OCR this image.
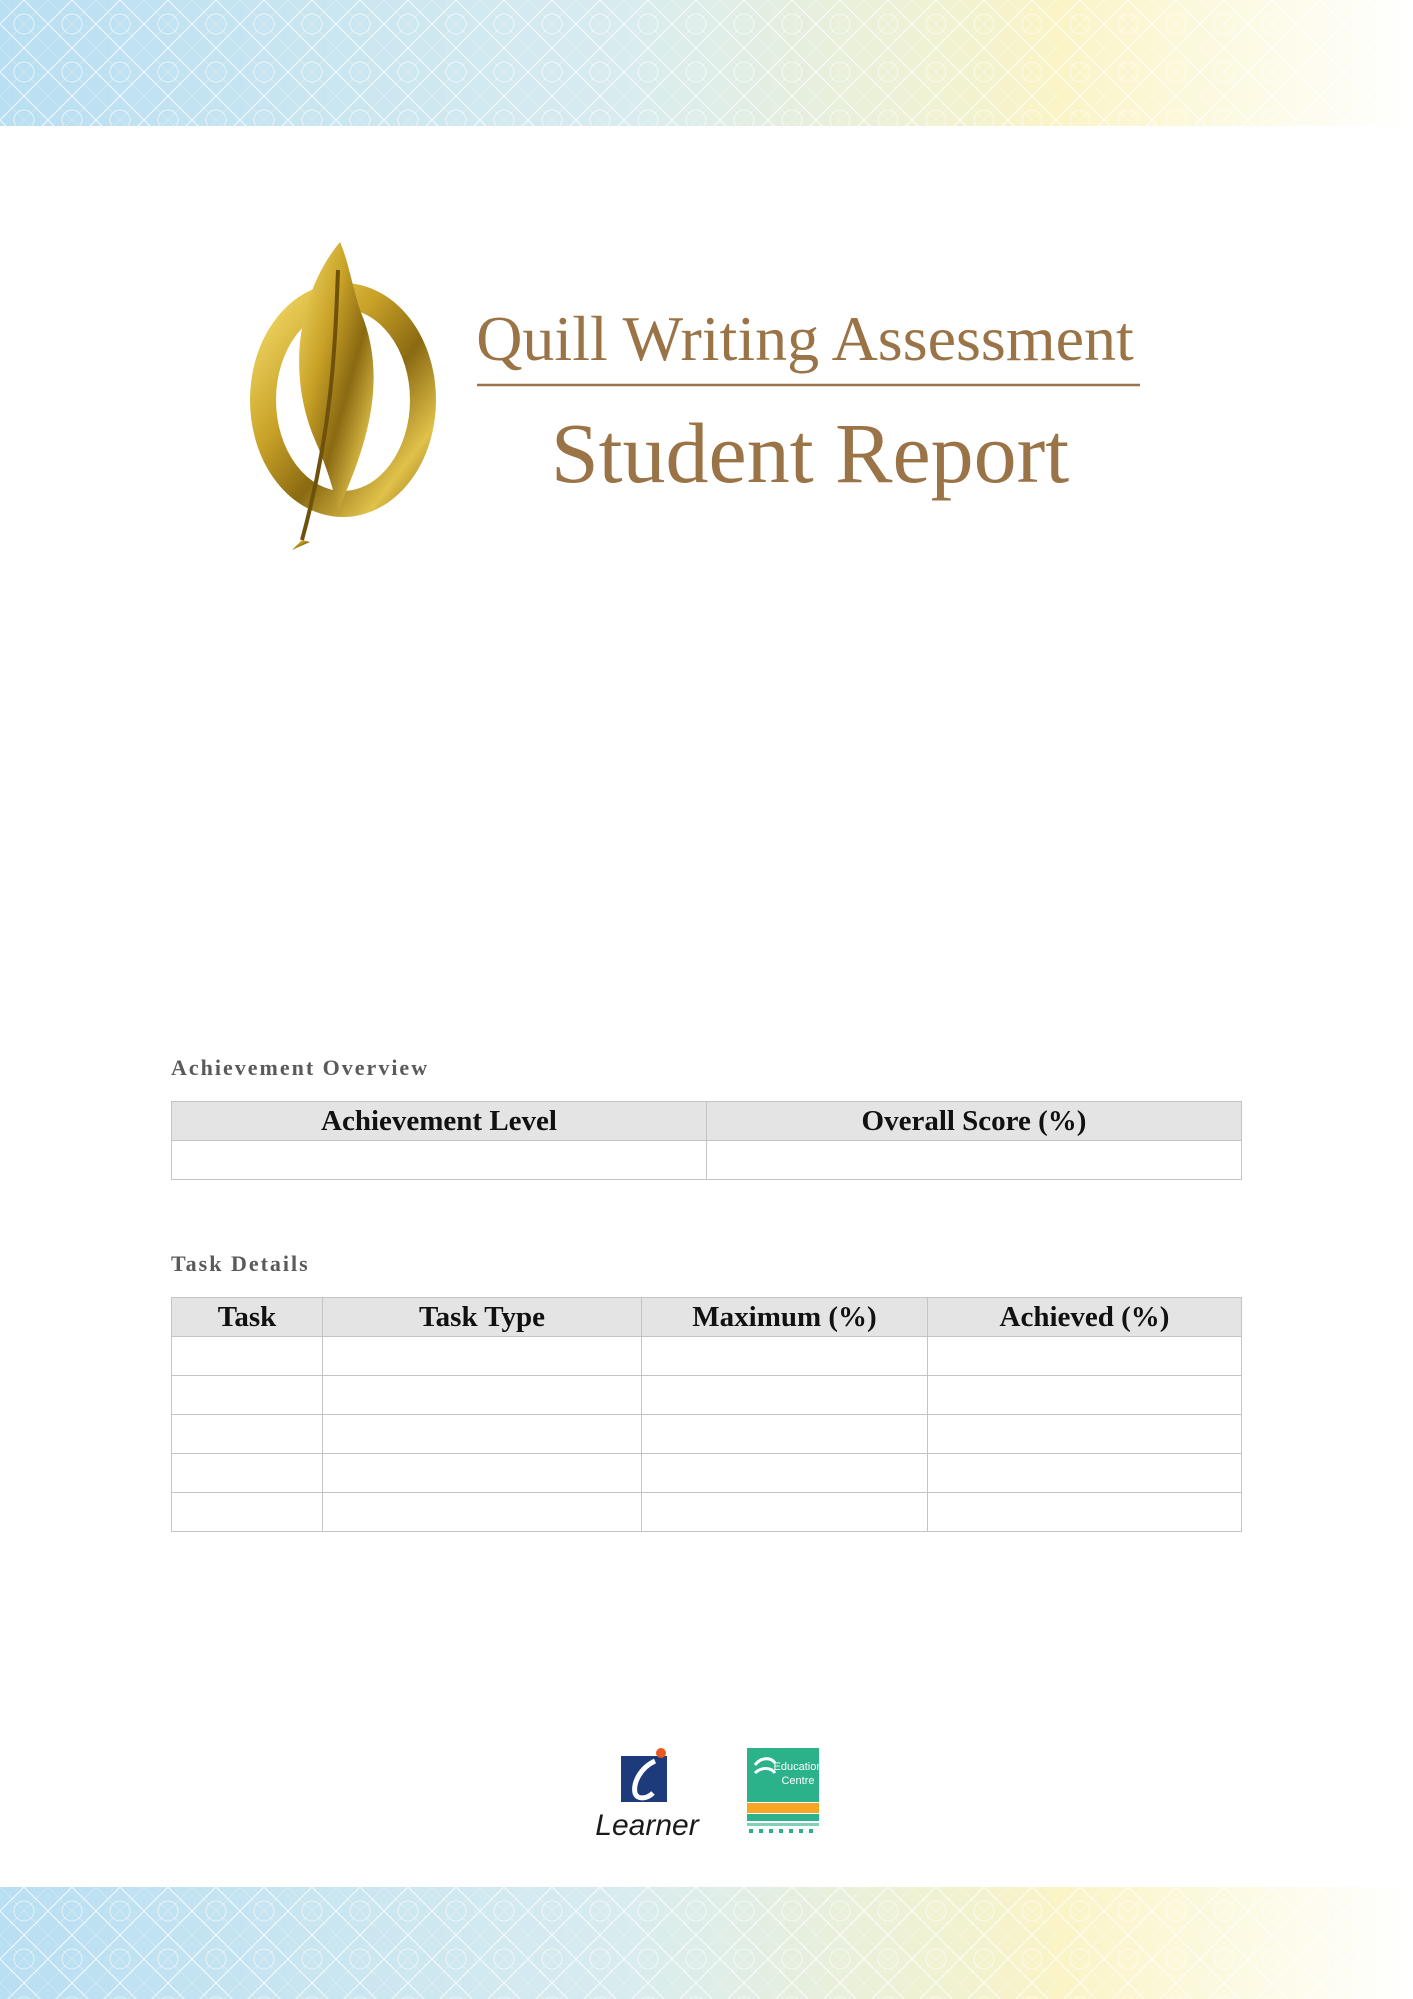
Quill Writing Assessment
Student Report
Achievement Overview
Achievement Level	Overall Score (%)

Task Details
Task	Task Type	Maximum (%)	Achieved (%)

Learner
Education
Centre
